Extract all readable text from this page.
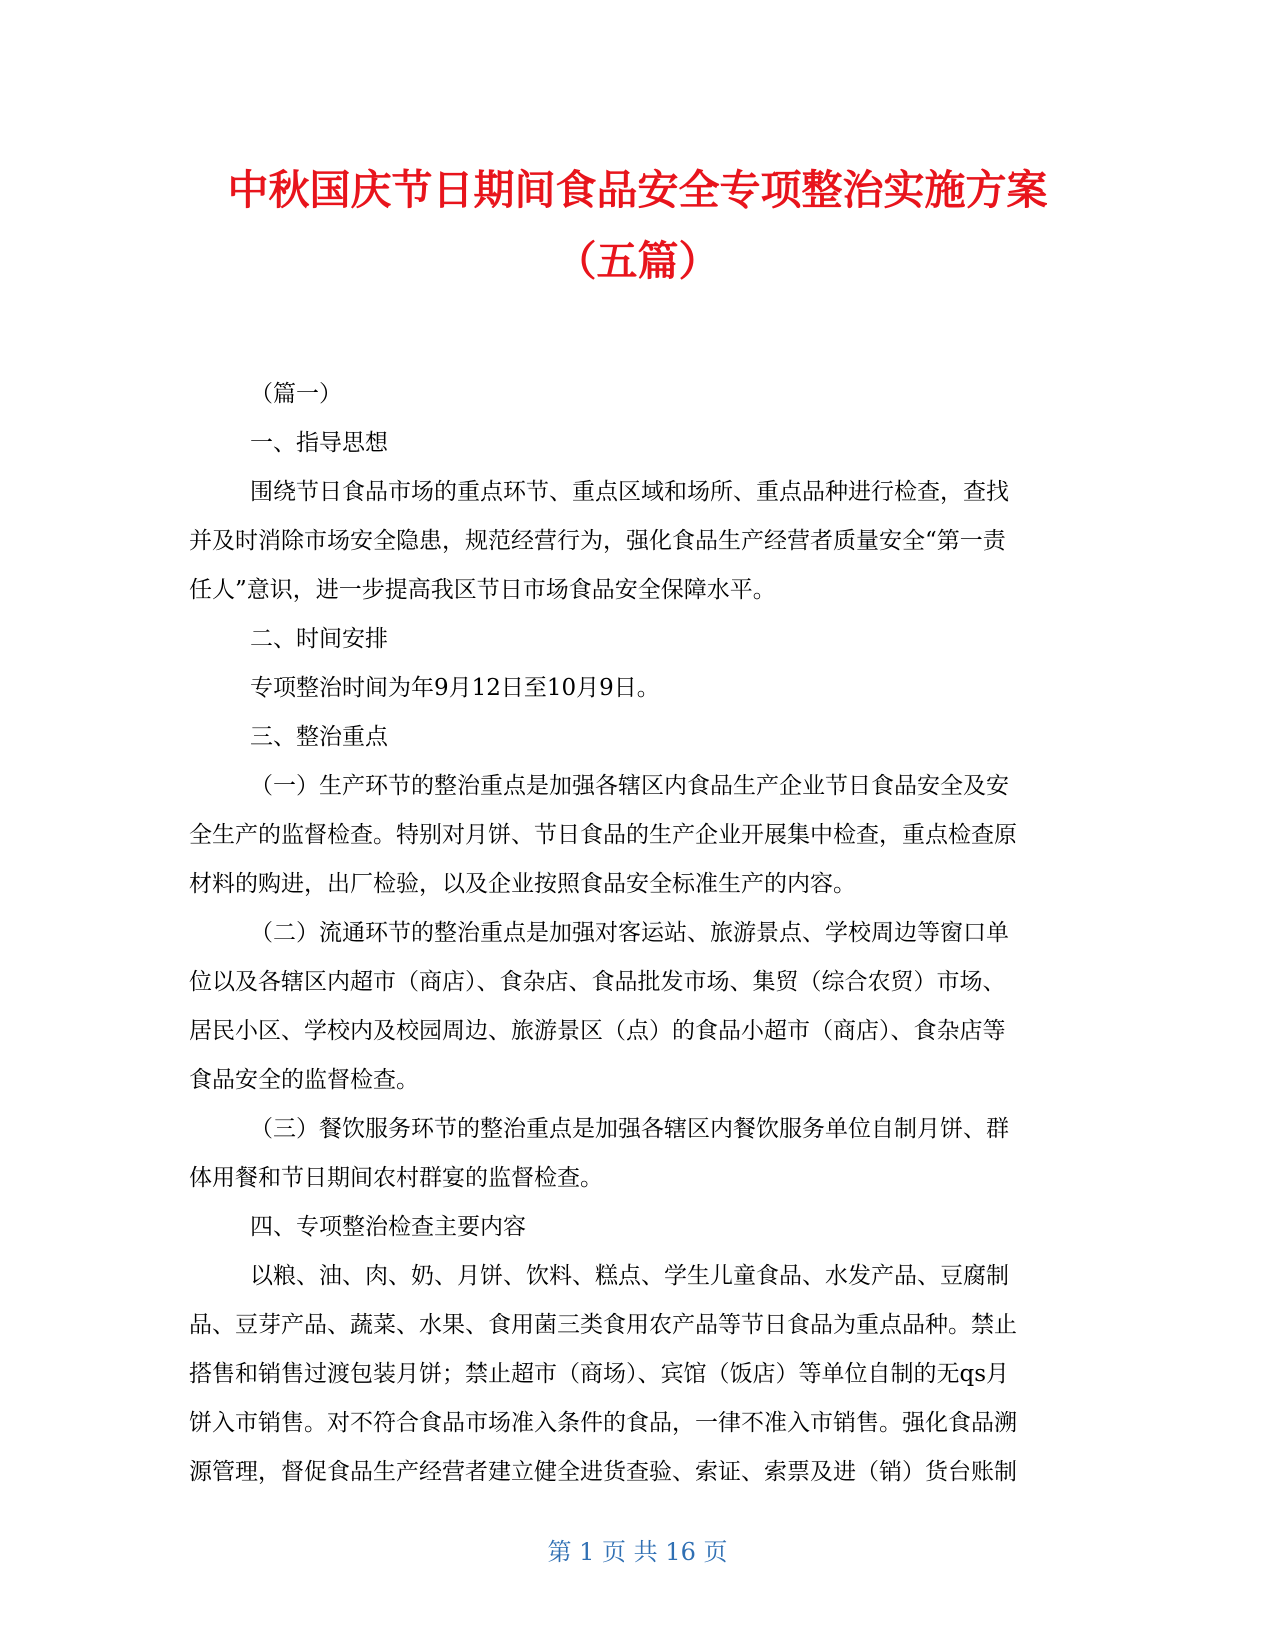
中秋国庆节日期间食品安全专项整治实施方案
（五篇）

（篇一）

一、指导思想

围绕节日食品市场的重点环节、重点区域和场所、重点品种进行检查，查找

并及时消除市场安全隐患，规范经营行为，强化食品生产经营者质量安全“第一责

任人”意识，进一步提高我区节日市场食品安全保障水平。

二、时间安排

专项整治时间为年9月12日至10月9日。

三、整治重点

（一）生产环节的整治重点是加强各辖区内食品生产企业节日食品安全及安

全生产的监督检查。特别对月饼、节日食品的生产企业开展集中检查，重点检查原

材料的购进，出厂检验，以及企业按照食品安全标准生产的内容。

（二）流通环节的整治重点是加强对客运站、旅游景点、学校周边等窗口单

位以及各辖区内超市（商店）、食杂店、食品批发市场、集贸（综合农贸）市场、

居民小区、学校内及校园周边、旅游景区（点）的食品小超市（商店）、食杂店等

食品安全的监督检查。

（三）餐饮服务环节的整治重点是加强各辖区内餐饮服务单位自制月饼、群

体用餐和节日期间农村群宴的监督检查。

四、专项整治检查主要内容

以粮、油、肉、奶、月饼、饮料、糕点、学生儿童食品、水发产品、豆腐制

品、豆芽产品、蔬菜、水果、食用菌三类食用农产品等节日食品为重点品种。禁止

搭售和销售过渡包装月饼；禁止超市（商场）、宾馆（饭店）等单位自制的无qs月

饼入市销售。对不符合食品市场准入条件的食品，一律不准入市销售。强化食品溯

源管理，督促食品生产经营者建立健全进货查验、索证、索票及进（销）货台账制

第 1 页 共 16 页
